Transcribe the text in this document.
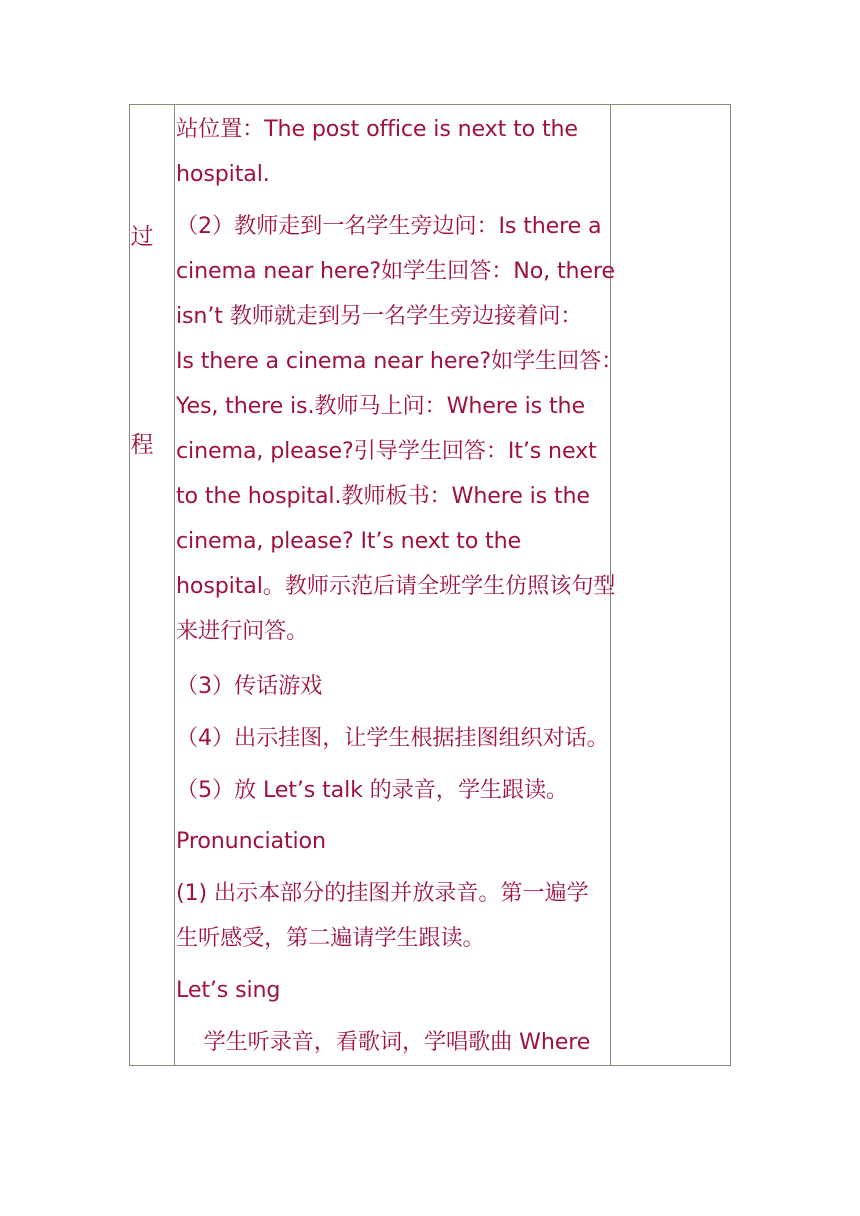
过
程
站位置：The post office is next to the
hospital.
（2）教师走到一名学生旁边问：Is there a
cinema near here?如学生回答：No, there
isn’t 教师就走到另一名学生旁边接着问：
Is there a cinema near here?如学生回答：
Yes, there is.教师马上问：Where is the
cinema, please?引导学生回答：It’s next
to the hospital.教师板书：Where is the
cinema, please? It’s next to the
hospital。教师示范后请全班学生仿照该句型
来进行问答。
（3）传话游戏
（4）出示挂图，让学生根据挂图组织对话。
（5）放 Let’s talk 的录音，学生跟读。
Pronunciation
(1) 出示本部分的挂图并放录音。第一遍学
生听感受，第二遍请学生跟读。
Let’s sing
学生听录音，看歌词，学唱歌曲 Where
